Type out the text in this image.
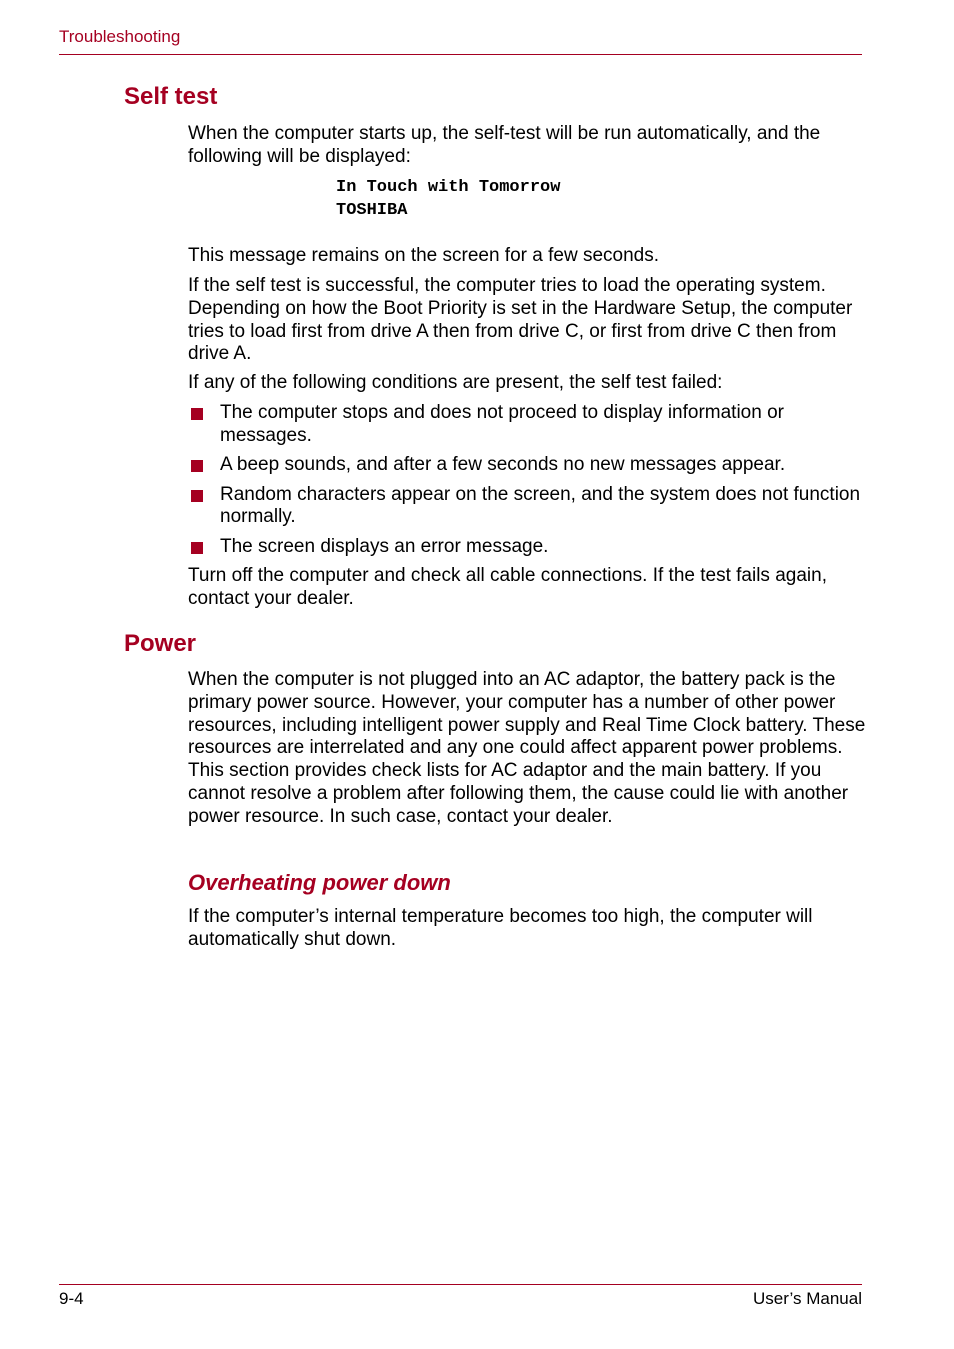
Troubleshooting
Self test

When the computer starts up, the self-test will be run automatically, and the following will be displayed:

In Touch with Tomorrow

TOSHIBA

This message remains on the screen for a few seconds.

If the self test is successful, the computer tries to load the operating system. Depending on how the Boot Priority is set in the Hardware Setup, the computer tries to load first from drive A then from drive C, or first from drive C then from drive A.

If any of the following conditions are present, the self test failed:

The computer stops and does not proceed to display information or messages.
A beep sounds, and after a few seconds no new messages appear.
Random characters appear on the screen, and the system does not function normally.
The screen displays an error message.

Turn off the computer and check all cable connections. If the test fails again, contact your dealer.

Power

When the computer is not plugged into an AC adaptor, the battery pack is the primary power source. However, your computer has a number of other power resources, including intelligent power supply and Real Time Clock battery. These resources are interrelated and any one could affect apparent power problems. This section provides check lists for AC adaptor and the main battery. If you cannot resolve a problem after following them, the cause could lie with another power resource. In such case, contact your dealer.

Overheating power down

If the computer’s internal temperature becomes too high, the computer will automatically shut down.

9-4	User’s Manual
